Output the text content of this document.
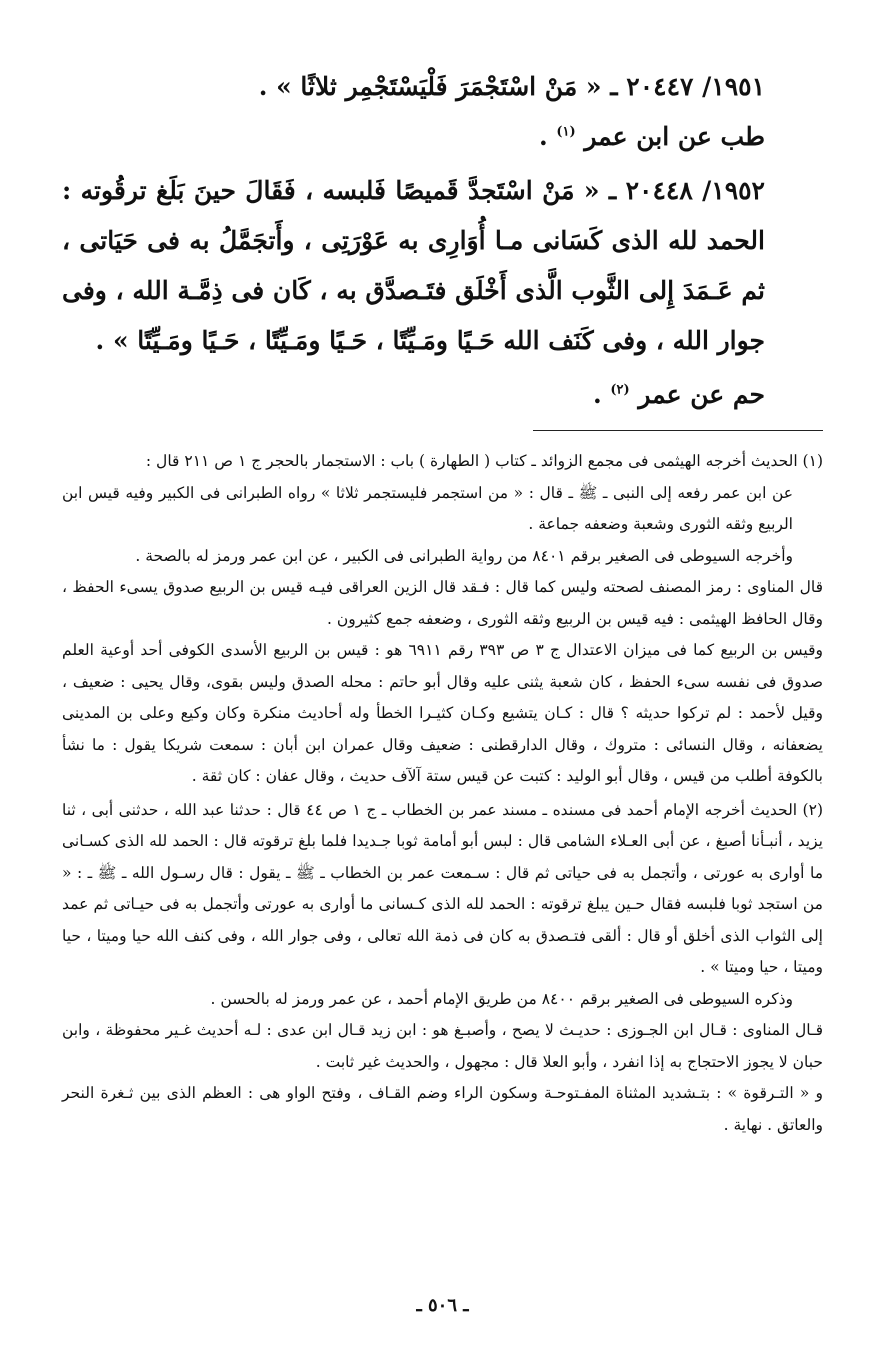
١٩٥١/ ٢٠٤٤٧ ـ « مَنْ اسْتَجْمَرَ فَلْيَسْتَجْمِر ثلاثًا » .

طب عن ابن عمر $^{(١)}$ .

١٩٥٢/ ٢٠٤٤٨ ـ « مَنْ اسْتَجدَّ قَميصًا فَلبسه ، فَقَالَ حينَ بَلَغ ترقُوته : الحمد لله الذى كَسَانى مـا أُوَارِى به عَوْرَتِى ، وأَتجَمَّلُ به فى حَيَاتى ، ثم عَـمَدَ إِلى الثَّوب الَّذى أَخْلَق فتَـصدَّق به ، كَان فى ذِمَّـة الله ، وفى جوار الله ، وفى كَنَف الله حَـيًا ومَـيِّتًا ، حَـيًا ومَـيِّتًا ، حَـيًا ومَـيِّتًا » .

حم عن عمر $^{(٢)}$ .

(١) الحديث أخرجه الهيثمى فى مجمع الزوائد ـ كتاب ( الطهارة ) باب : الاستجمار بالحجر ج ١ ص ٢١١ قال :

عن ابن عمر رفعه إلى النبى ـ ﷺ ـ قال : « من استجمر فليستجمر ثلاثا » رواه الطبرانى فى الكبير وفيه قيس ابن الربيع وثقه الثورى وشعبة وضعفه جماعة .

وأخرجه السيوطى فى الصغير برقم ٨٤٠١ من رواية الطبرانى فى الكبير ، عن ابن عمر ورمز له بالصحة .

قال المناوى : رمز المصنف لصحته وليس كما قال : فـقد قال الزين العراقى فيـه قيس بن الربيع صدوق يسىء الحفظ ، وقال الحافظ الهيثمى : فيه قيس بن الربيع وثقه الثورى ، وضعفه جمع كثيرون .

وقيس بن الربيع كما فى ميزان الاعتدال ج ٣ ص ٣٩٣ رقم ٦٩١١ هو : قيس بن الربيع الأسدى الكوفى أحد أوعية العلم صدوق فى نفسه سىء الحفظ ، كان شعبة يثنى عليه وقال أبو حاتم : محله الصدق وليس بقوى، وقال يحيى : ضعيف ، وقيل لأحمد : لم تركوا حديثه ؟ قال : كـان يتشيع وكـان كثيـرا الخطأ وله أحاديث منكرة وكان وكيع وعلى بن المدينى يضعفانه ، وقال النسائى : متروك ، وقال الدارقطنى : ضعيف وقال عمران ابن أبان : سمعت شريكا يقول : ما نشأ بالكوفة أطلب من قيس ، وقال أبو الوليد : كتبت عن قيس ستة آلآف حديث ، وقال عفان : كان ثقة .

(٢) الحديث أخرجه الإمام أحمد فى مسنده ـ مسند عمر بن الخطاب ـ ج ١ ص ٤٤ قال : حدثنا عبد الله ، حدثنى أبى ، ثنا يزيد ، أنبـأنا أصبغ ، عن أبى العـلاء الشامى قال : لبس أبو أمامة ثوبا جـديدا فلما بلغ ترقوته قال : الحمد لله الذى كسـانى ما أوارى به عورتى ، وأتجمل به فى حياتى ثم قال : سـمعت عمر بن الخطاب ـ ﷺ ـ يقول : قال رسـول الله ـ ﷺ ـ : « من استجد ثوبا فلبسه فقال حـين يبلغ ترقوته : الحمد لله الذى كـسانى ما أوارى به عورتى وأتجمل به فى حيـاتى ثم عمد إلى الثواب الذى أخلق أو قال : ألقى فتـصدق به كان فى ذمة الله تعالى ، وفى جوار الله ، وفى كنف الله حيا وميتا ، حيا وميتا ، حيا وميتا » .

وذكره السيوطى فى الصغير برقم ٨٤٠٠ من طريق الإمام أحمد ، عن عمر ورمز له بالحسن .

قـال المناوى : قـال ابن الجـوزى : حديـث لا يصح ، وأصبـغ هو : ابن زيد قـال ابن عدى : لـه أحديث غـير محفوظة ، وابن حبان لا يجوز الاحتجاج به إذا انفرد ، وأبو العلا قال : مجهول ، والحديث غير ثابت .

و « التـرقوة » : بتـشديد المثناة المفـتوحـة وسكون الراء وضم القـاف ، وفتح الواو هى : العظم الذى بين ثـغرة النحر والعاتق . نهاية .

ـ ٥٠٦ ـ
